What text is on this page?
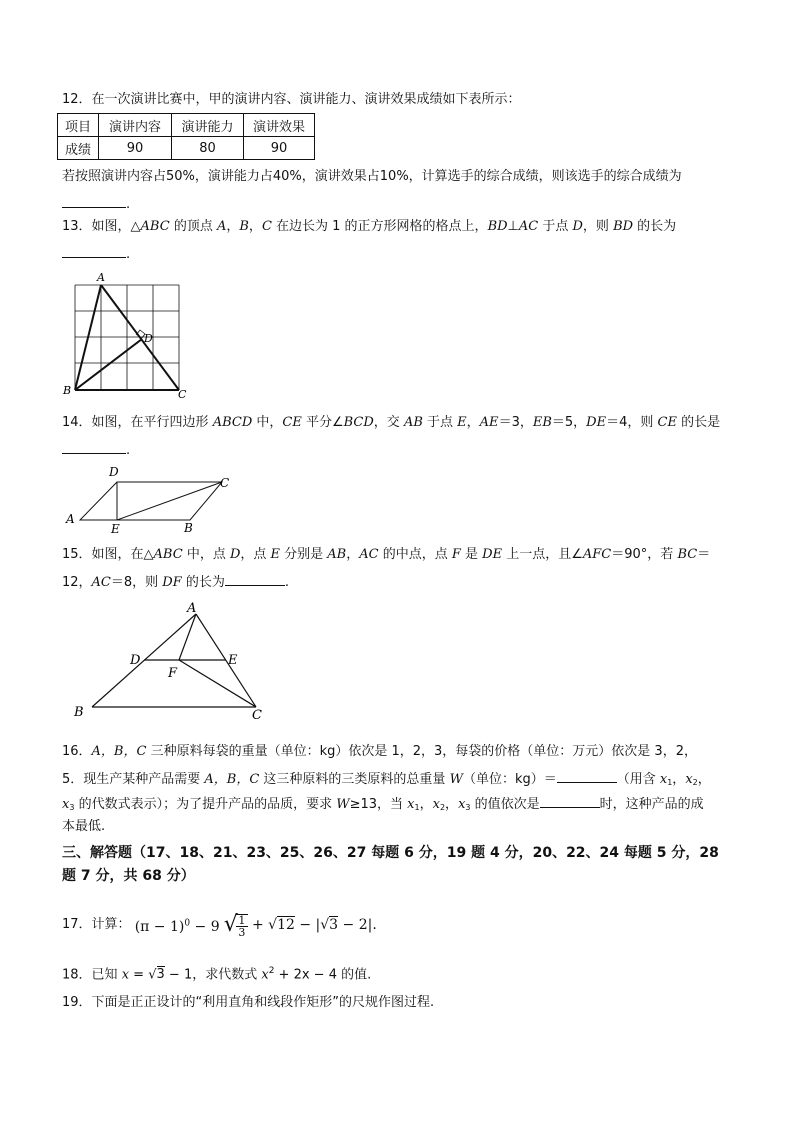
12．在一次演讲比赛中，甲的演讲内容、演讲能力、演讲效果成绩如下表所示：
项目	演讲内容	演讲能力	演讲效果
成绩	90	80	90
若按照演讲内容占50%，演讲能力占40%，演讲效果占10%，计算选手的综合成绩，则该选手的综合成绩为
.
13．如图，△ABC 的顶点 A，B，C 在边长为 1 的正方形网格的格点上，BD⊥AC 于点 D，则 BD 的长为
.
A
B	C
D
14．如图，在平行四边形 ABCD 中，CE 平分∠BCD，交 AB 于点 E，AE＝3，EB＝5，DE＝4，则 CE 的长是
.
A
B
C
D
E
15．如图，在△ABC 中，点 D，点 E 分别是 AB，AC 的中点，点 F 是 DE 上一点，且∠AFC＝90°，若 BC＝
12，AC＝8，则 DF 的长为	.
A
B	C
D	E
F
16．A，B，C 三种原料每袋的重量（单位：kg）依次是 1，2，3，每袋的价格（单位：万元）依次是 3，2，
5．现生产某种产品需要 A，B，C 这三种原料的三类原料的总重量 W（单位：kg）＝	（用含 $x_1$，$x_2$，
$x_3$ 的代数式表示）；为了提升产品的品质，要求 W≥13，当 $x_1$，$x_2$，$x_3$ 的值依次是	时，这种产品的成
本最低.
三、解答题（17、18、21、23、25、26、27 每题 6 分，19 题 4 分，20、22、24 每题 5 分，28
题 7 分，共 68 分）
17．计算： $(\pi - 1)^0 - 9$ √
$\frac{1}{3} + √12 - |√3 - 2|$.
18．已知 x = √3 − 1，求代数式 $x^2 + 2x - 4$ 的值.
19．下面是正正设计的“利用直角和线段作矩形”的尺规作图过程.
